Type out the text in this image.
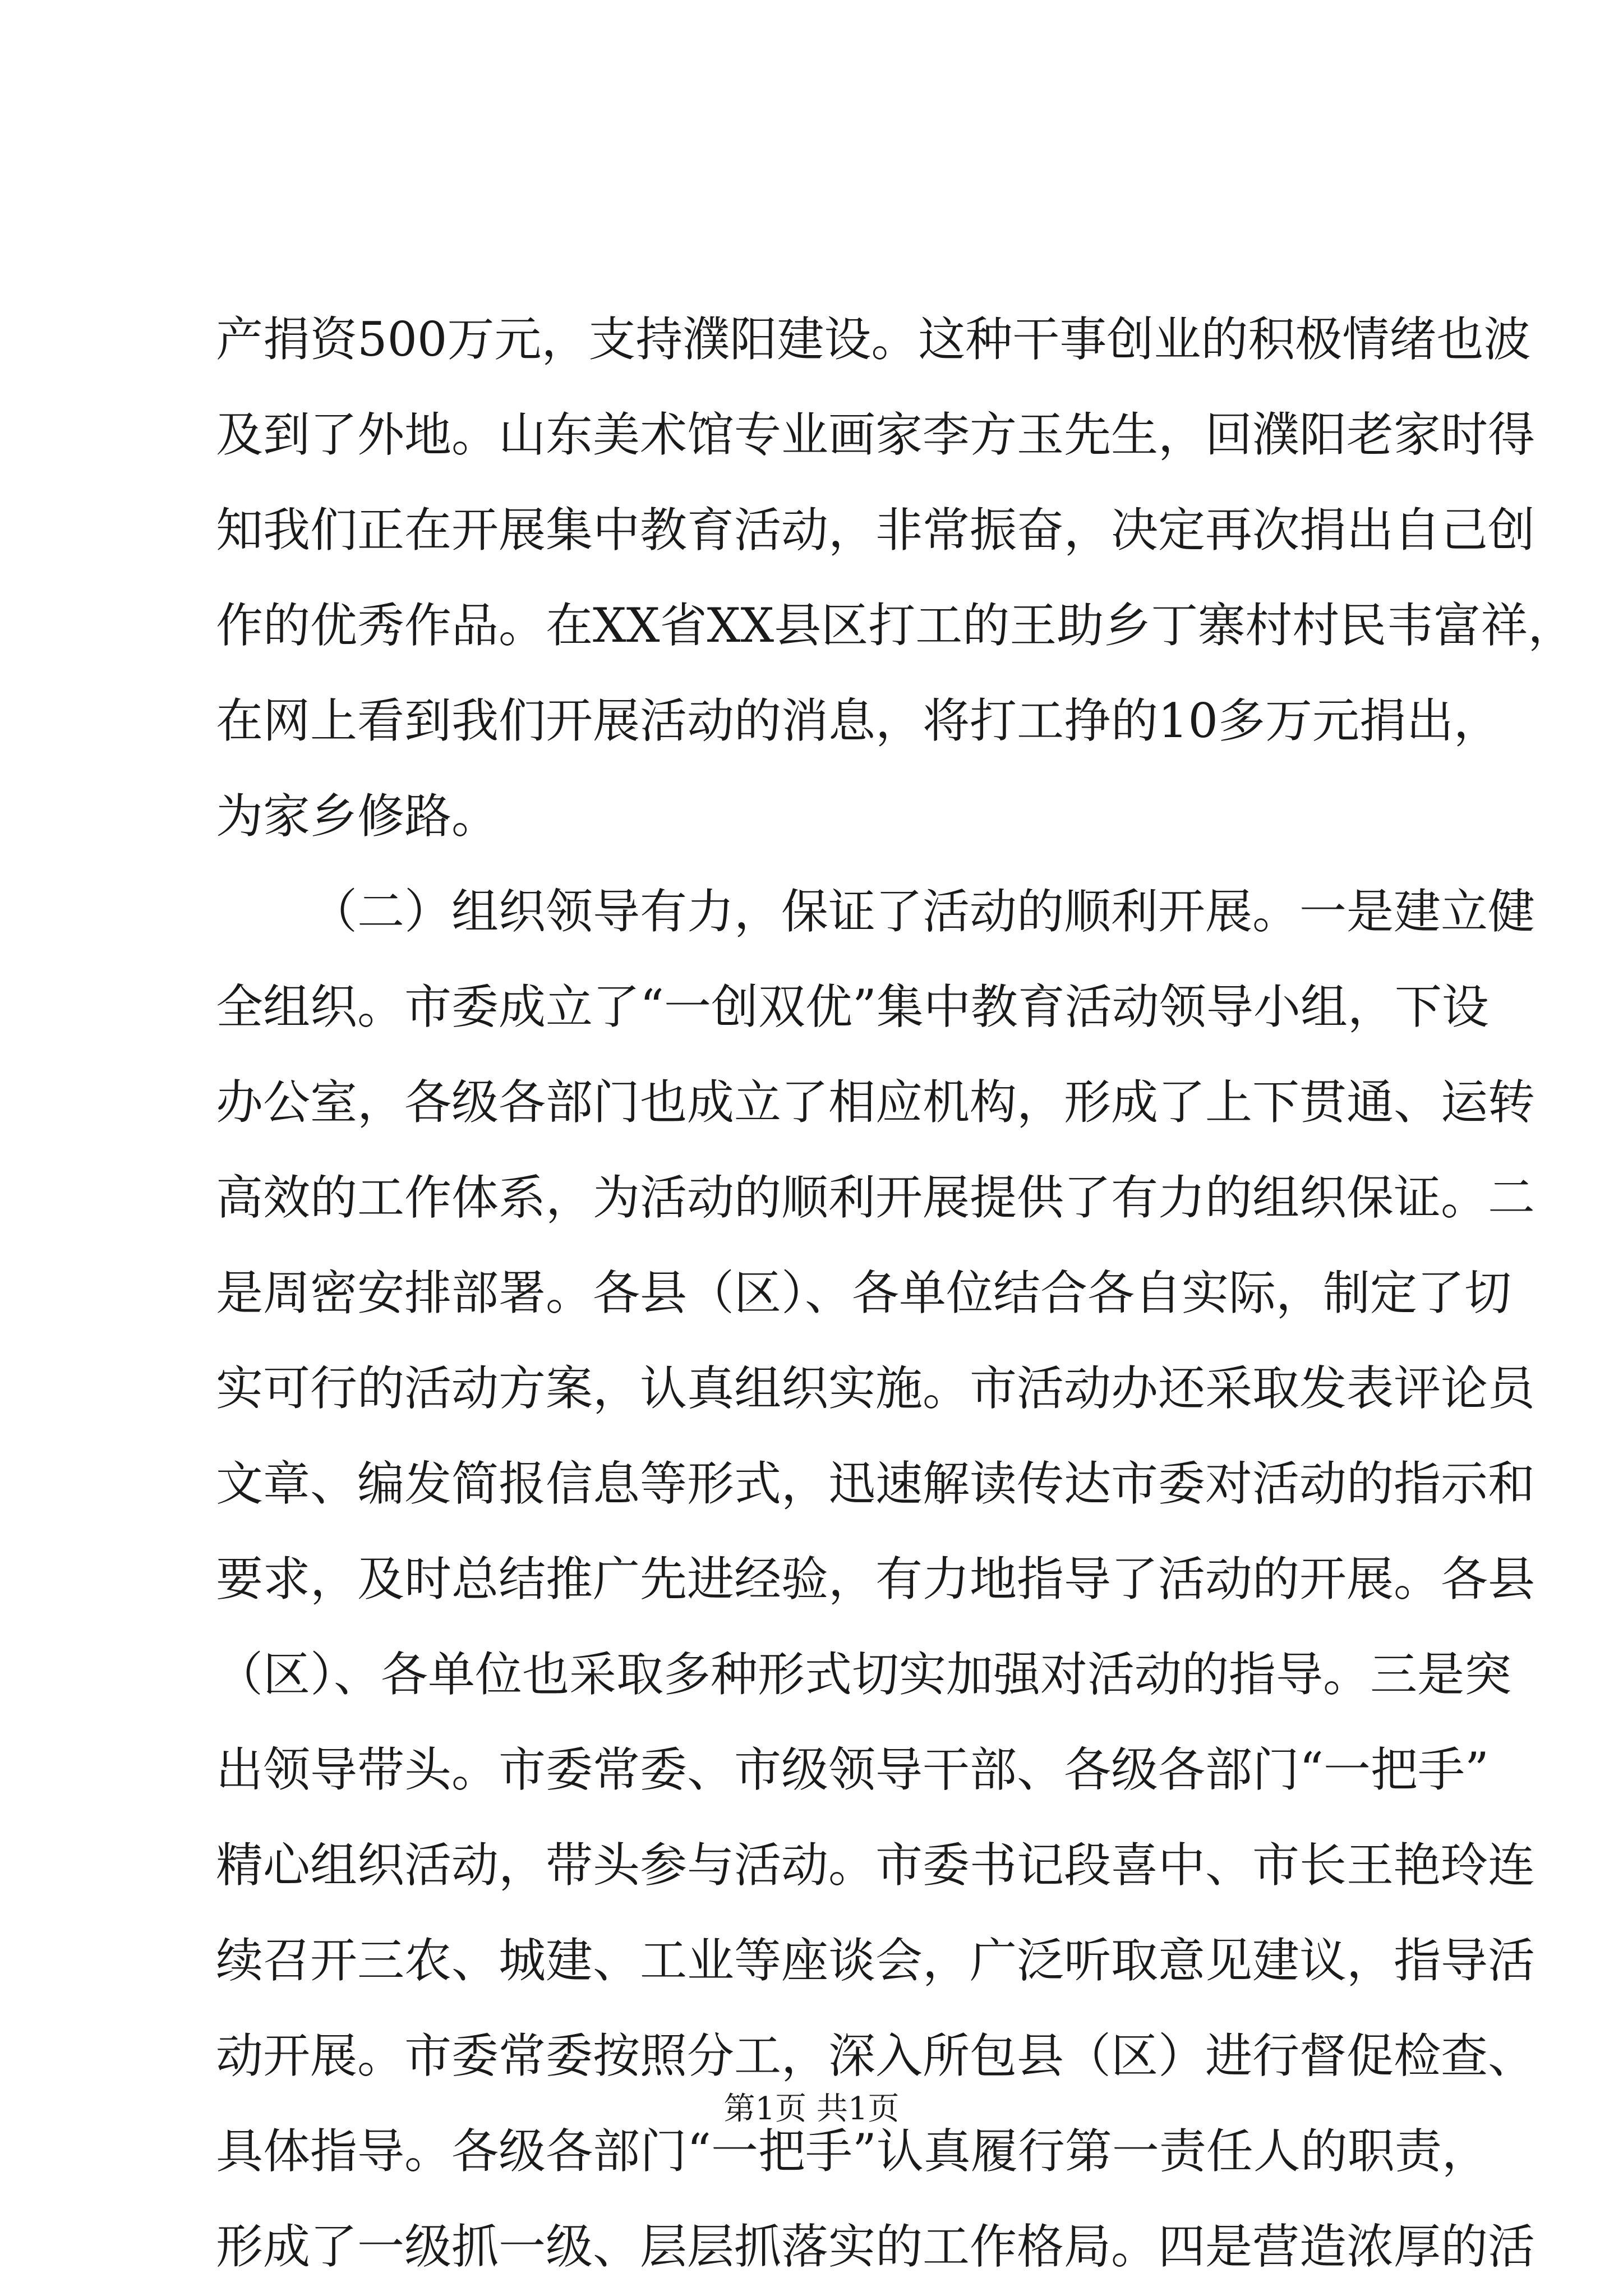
产捐资500万元，支持濮阳建设。这种干事创业的积极情绪也波
及到了外地。山东美术馆专业画家李方玉先生，回濮阳老家时得
知我们正在开展集中教育活动，非常振奋，决定再次捐出自己创
作的优秀作品。在XX省XX县区打工的王助乡丁寨村村民韦富祥，
在网上看到我们开展活动的消息，将打工挣的10多万元捐出，
为家乡修路。
（二）组织领导有力，保证了活动的顺利开展。一是建立健
全组织。市委成立了“一创双优”集中教育活动领导小组，下设
办公室，各级各部门也成立了相应机构，形成了上下贯通、运转
高效的工作体系，为活动的顺利开展提供了有力的组织保证。二
是周密安排部署。各县（区）、各单位结合各自实际，制定了切
实可行的活动方案，认真组织实施。市活动办还采取发表评论员
文章、编发简报信息等形式，迅速解读传达市委对活动的指示和
要求，及时总结推广先进经验，有力地指导了活动的开展。各县
（区）、各单位也采取多种形式切实加强对活动的指导。三是突
出领导带头。市委常委、市级领导干部、各级各部门“一把手”
精心组织活动，带头参与活动。市委书记段喜中、市长王艳玲连
续召开三农、城建、工业等座谈会，广泛听取意见建议，指导活
动开展。市委常委按照分工，深入所包县（区）进行督促检查、
具体指导。各级各部门“一把手”认真履行第一责任人的职责，
形成了一级抓一级、层层抓落实的工作格局。四是营造浓厚的活
第1页 共1页
